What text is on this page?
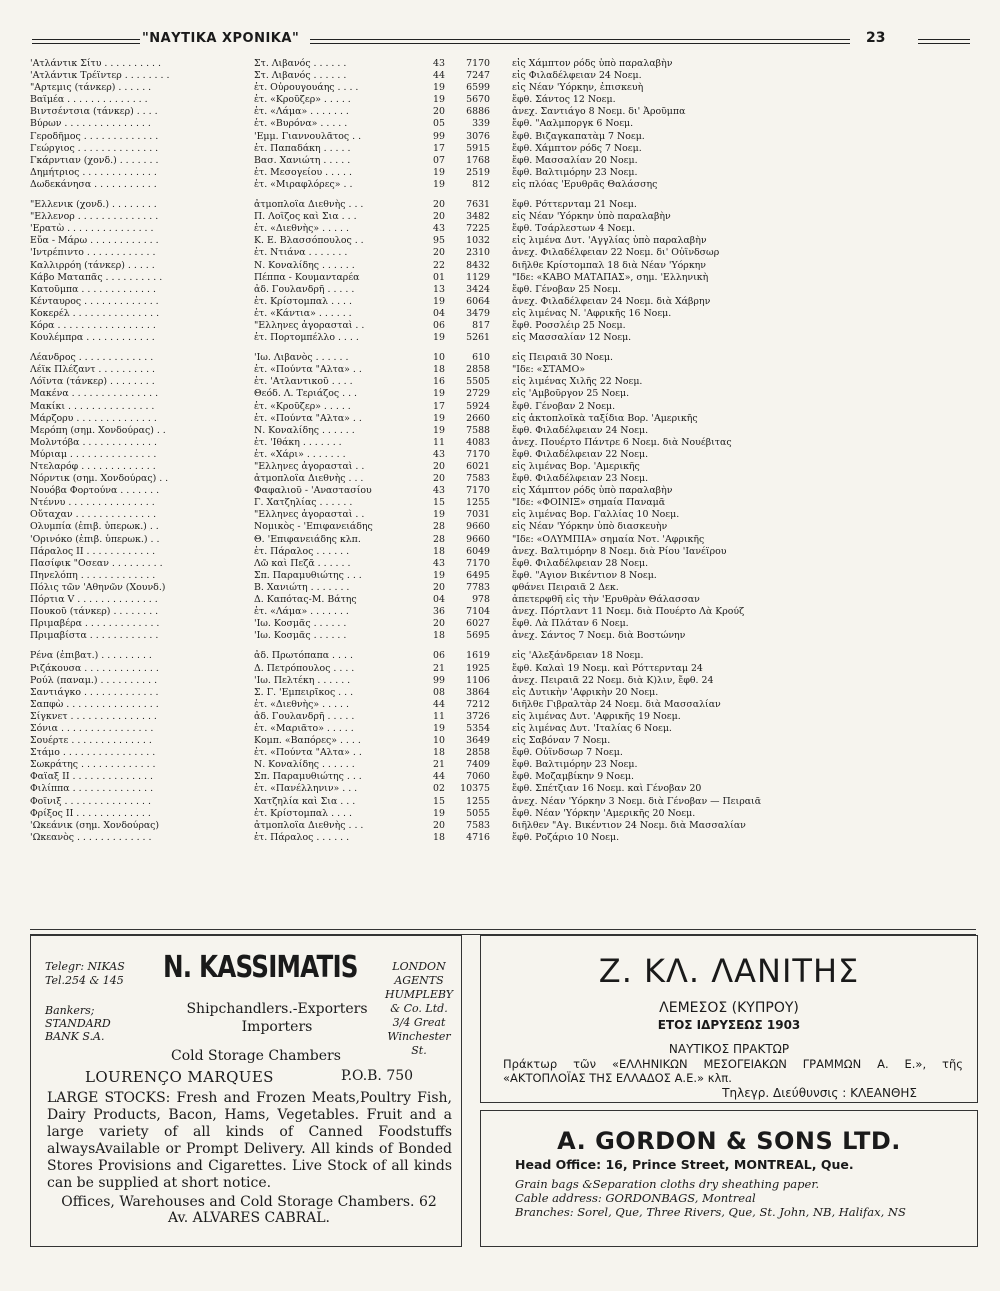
"ΝΑΥΤΙΚΑ ΧΡΟΝΙΚΑ"	23
'Ατλάντικ Σίτυ . . . . . . . . . .	Στ. Λιβανός . . . . . .	43	7170 εἰς Χάμπτον ρόδς ὑπὸ παραλαβὴν
'Ατλάντικ Τρέϊντερ . . . . . . . .	Στ. Λιβανός . . . . . .	44	7247 εἰς Φιλαδέλφειαν 24 Νοεμ.
"Αρτεμις (τάνκερ) . . . . . .	ἑτ. Οὐρουγουάης . . . .	19	6599 εἰς Νέαν 'Υόρκην, ἐπισκευὴ
Βαϊμέα . . . . . . . . . . . . . .	ἑτ. «Κροῦζερ» . . . . .	19	5670 ἔφθ. Σάντος 12 Νοεμ.
Βιντσέντσια (τάνκερ) . . . .	ἑτ. «Λάμα» . . . . . . .	20	6886 ἀνεχ. Σαντιάγο 8 Νοεμ. δι' Ἀροῦμπα
Βύρων . . . . . . . . . . . . . . .	ἑτ. «Βυρόνα» . . . . .	05	339 ἔφθ. "Ααλμποργκ 6 Νοεμ.
Γεροδῆμος . . . . . . . . . . . . .	'Εμμ. Γιαννουλᾶτος . .	99	3076 ἔφθ. Βιζαγκαπατὰμ 7 Νοεμ.
Γεώργιος . . . . . . . . . . . . . .	ἑτ. Παπαδάκη . . . . .	17	5915 ἔφθ. Χάμπτον ρόδς 7 Νοεμ.
Γκάρντιαν (χονδ.) . . . . . . .	Βασ. Χανιώτη . . . . .	07	1768 ἔφθ. Μασσαλίαν 20 Νοεμ.
Δημήτριος . . . . . . . . . . . . .	ἑτ. Μεσογείου . . . . .	19	2519 ἔφθ. Βαλτιμόρην 23 Νοεμ.
Δωδεκάνησα . . . . . . . . . . .	ἑτ. «Μιραφλόρες» . .	19	812 εἰς πλόας 'Ερυθρᾶς Θαλάσσης
"Ελλενικ (χονδ.) . . . . . . . .	ἀτμοπλοΐα Διεθνὴς . . .	20	7631 ἔφθ. Ρόττερνταμ 21 Νοεμ.
"Ελλενορ . . . . . . . . . . . . . .	Π. Λοΐζος καὶ Σια . . .	20	3482 εἰς Νέαν 'Υόρκην ὑπὸ παραλαβὴν
'Ερατὼ . . . . . . . . . . . . . . .	ἑτ. «Διεθνὴς» . . . . .	43	7225 ἔφθ. Τσάρλεστων 4 Νοεμ.
Εὔα - Μάρω . . . . . . . . . . . .	Κ. Ε. Βλασσόπουλος . .	95	1032 εἰς λιμένα Δυτ. 'Αγγλίας ὑπὸ παραλαβὴν
'Ιντρέπιντο . . . . . . . . . . . .	ἑτ. Ντιάνα . . . . . . .	20	2310 ἀνεχ. Φιλαδέλφειαν 22 Νοεμ. δι' Οὐΐνδσωρ
Καλλιρρόη (τάνκερ) . . . . .	Ν. Κοναλίδης . . . . . .	22	8432 διῆλθε Κρίστομπαλ 18 διὰ Νέαν 'Υόρκην
Κάβο Ματαπᾶς . . . . . . . . . .	Πέππα - Κουμανταρέα	01	1129 "Ιδε: «ΚΑΒΟ ΜΑΤΑΠΑΣ», σημ. 'Ελληνικὴ
Κατοῦμπα . . . . . . . . . . . . .	ἀδ. Γουλανδρῆ . . . . .	13	3424 ἔφθ. Γένοβαν 25 Νοεμ.
Κένταυρος . . . . . . . . . . . . .	ἑτ. Κρίστομπαλ . . . .	19	6064 ἀνεχ. Φιλαδέλφειαν 24 Νοεμ. διὰ Χάβρην
Κοκερέλ . . . . . . . . . . . . . . .	ἑτ. «Κάντια» . . . . . .	04	3479 εἰς λιμένας Ν. 'Αφρικῆς 16 Νοεμ.
Κόρα . . . . . . . . . . . . . . . . .	"Ελληνες ἀγορασταὶ . .	06	817 ἔφθ. Ροσσλέιρ 25 Νοεμ.
Κουλέμπρα . . . . . . . . . . . .	ἑτ. Πορτομπέλλο . . . .	19	5261 εἰς Μασσαλίαν 12 Νοεμ.
Λέανδρος . . . . . . . . . . . . .	'Ιω. Λιβανὸς . . . . . .	10	610 εἰς Πειραιᾶ 30 Νοεμ.
Λέϊκ Πλέζαντ . . . . . . . . . .	ἑτ. «Πούντα "Αλτα» . .	18	2858 "Ιδε: «ΣΤΑΜΟ»
Λόϊντα (τάνκερ) . . . . . . . .	ἑτ. 'Ατλαντικοῦ . . . .	16	5505 εἰς λιμένας Χιλῆς 22 Νοεμ.
Μακένα . . . . . . . . . . . . . . .	Θεόδ. Λ. Τεριάζος . . .	19	2729 εἰς 'Αμβοῦργον 25 Νοεμ.
Μακίκι . . . . . . . . . . . . . . .	ἑτ. «Κροῦζερ» . . . . .	17	5924 ἔφθ. Γένοβαν 2 Νοεμ.
Μάρζορυ . . . . . . . . . . . . . .	ἑτ. «Πούντα "Αλτα» . .	19	2660 εἰς ἀκτοπλοϊκὰ ταξίδια Βορ. 'Αμερικῆς
Μερόπη (σημ. Χονδούρας) . .	Ν. Κοναλίδης . . . . . .	19	7588 ἔφθ. Φιλαδέλφειαν 24 Νοεμ.
Μολντόβα . . . . . . . . . . . . .	ἑτ. 'Ιθάκη . . . . . . .	11	4083 ἀνεχ. Πουέρτο Πάντρε 6 Νοεμ. διὰ Νουέβιτας
Μύριαμ . . . . . . . . . . . . . . .	ἑτ. «Χάρι» . . . . . . .	43	7170 ἔφθ. Φιλαδέλφειαν 22 Νοεμ.
Ντελαρόφ . . . . . . . . . . . . .	"Ελληνες ἀγορασταὶ . .	20	6021 εἰς λιμένας Βορ. 'Αμερικῆς
Νόρντικ (σημ. Χονδούρας) . .	ἀτμοπλοΐα Διεθνὴς . . .	20	7583 ἔφθ. Φιλαδέλφειαν 23 Νοεμ.
Νουόβα Φορτούνα . . . . . . .	Φαφαλιοῦ - 'Αναστασίου	43	7170 εἰς Χάμπτον ρόδς ὑπὸ παραλαβὴν
Ντέννυ . . . . . . . . . . . . . . .	Γ. Χατζηλίας . . . . . .	15	1255 "Ιδε: «ΦΟΙΝΙΞ» σημαία Παναμᾶ
Οὔταχαν . . . . . . . . . . . . . .	"Ελληνες ἀγορασταὶ . .	19	7031 εἰς λιμένας Βορ. Γαλλίας 10 Νοεμ.
Ολυμπία (ἐπιβ. ὑπερωκ.) . .	Νομικὸς - 'Επιφανειάδης	28	9660 εἰς Νέαν 'Υόρκην ὑπὸ διασκευὴν
'Ορινόκο (ἐπιβ. ὑπερωκ.) . .	Θ. 'Επιφανειάδης κλπ.	28	9660 "Ιδε: «ΟΛΥΜΠΙΑ» σημαία Νοτ. 'Αφρικῆς
Πάραλος ΙΙ . . . . . . . . . . . .	ἑτ. Πάραλος . . . . . .	18	6049 ἀνεχ. Βαλτιμόρην 8 Νοεμ. διὰ Ρίου 'Ιανέϊρου
Πασίφικ "Οσεαν . . . . . . . . .	Λῶ καὶ Πεζᾶ . . . . . .	43	7170 ἔφθ. Φιλαδέλφειαν 28 Νοεμ.
Πηνελόπη . . . . . . . . . . . . .	Σπ. Παραμυθιώτης . . .	19	6495 ἔφθ. "Αγιον Βικέντιον 8 Νοεμ.
Πόλις τῶν 'Αθηνῶν (Χουνδ.)	Β. Χανιώτη . . . . . . .	20	7783 φθάνει Πειραιᾶ 2 Δεκ.
Πόρτια V . . . . . . . . . . . . . .	Δ. Καπότας-Μ. Βάτης	04	978 ἀπετερφθῆ εἰς τὴν 'Ερυθρὰν Θάλασσαν
Πουκοῦ (τάνκερ) . . . . . . . .	ἑτ. «Λάμα» . . . . . . .	36	7104 ἀνεχ. Πόρτλαντ 11 Νοεμ. διὰ Πουέρτο Λὰ Κρούζ
Πριμαβέρα . . . . . . . . . . . . .	'Ιω. Κοσμᾶς . . . . . .	20	6027 ἔφθ. Λὰ Πλάταν 6 Νοεμ.
Πριμαβίστα . . . . . . . . . . . .	'Ιω. Κοσμᾶς . . . . . .	18	5695 ἀνεχ. Σάντος 7 Νοεμ. διὰ Βοστώνην
Ρένα (ἐπιβατ.) . . . . . . . . .	ἀδ. Πρωτόπαπα . . . .	06	1619 εἰς 'Αλεξάνδρειαν 18 Νοεμ.
Ριζάκουσα . . . . . . . . . . . . .	Δ. Πετρόπουλος . . . .	21	1925 ἔφθ. Καλαὶ 19 Νοεμ. καὶ Ρόττερνταμ 24
Ρούλ (παναμ.) . . . . . . . . . .	'Ιω. Πελτέκη . . . . . .	99	1106 ἀνεχ. Πειραιᾶ 22 Νοεμ. διὰ Κ)λιν, ἔφθ. 24
Σαντιάγκο . . . . . . . . . . . . .	Σ. Γ. 'Εμπειρῖκος . . .	08	3864 εἰς Δυτικὴν 'Αφρικὴν 20 Νοεμ.
Σαπφὼ . . . . . . . . . . . . . . . .	ἑτ. «Διεθνὴς» . . . . .	44	7212 διῆλθε Γιβραλτὰρ 24 Νοεμ. διὰ Μασσαλίαν
Σίγκνετ . . . . . . . . . . . . . . .	ἀδ. Γουλανδρῆ . . . . .	11	3726 εἰς λιμένας Δυτ. 'Αφρικῆς 19 Νοεμ.
Σόνια . . . . . . . . . . . . . . . .	ἑτ. «Μαριᾶτο» . . . . .	19	5354 εἰς λιμένας Δυτ. 'Ιταλίας 6 Νοεμ.
Σουέρτε . . . . . . . . . . . . . .	Κομπ. «Βαπόρες» . . . .	10	3649 εἰς Σαβόναν 7 Νοεμ.
Στάμο . . . . . . . . . . . . . . . .	ἑτ. «Πούντα "Αλτα» . .	18	2858 ἔφθ. Οὐΐνδσωρ 7 Νοεμ.
Σωκράτης . . . . . . . . . . . . .	Ν. Κοναλίδης . . . . . .	21	7409 ἔφθ. Βαλτιμόρην 23 Νοεμ.
Φαϊαξ ΙΙ . . . . . . . . . . . . . .	Σπ. Παραμυθιώτης . . .	44	7060 ἔφθ. Μοζαμβίκην 9 Νοεμ.
Φιλίππα . . . . . . . . . . . . . .	ἑτ. «Πανέλληνιν» . . .	02	10375 ἔφθ. Σπέτζιαν 16 Νοεμ. καὶ Γένοβαν 20
Φοῖνιξ . . . . . . . . . . . . . . .	Χατζηλία καὶ Σια . . .	15	1255 ἀνεχ. Νέαν 'Υόρκην 3 Νοεμ. διὰ Γένοβαν — Πειραιᾶ
Φρίξος ΙΙ . . . . . . . . . . . . .	ἑτ. Κρίστομπαλ . . . .	19	5055 ἔφθ. Νέαν 'Υόρκην 'Αμερικῆς 20 Νοεμ.
'Ωκεάνικ (σημ. Χονδούρας)	ἀτμοπλοΐα Διεθνὴς . . .	20	7583 διῆλθεν "Αγ. Βικέντιον 24 Νοεμ. διὰ Μασσαλίαν
'Ωκεανὸς . . . . . . . . . . . . .	ἑτ. Πάραλος . . . . . .	18	4716 ἔφθ. Ροζάριο 10 Νοεμ.
Telegr: NIKAS
Tel.254 & 145 N. KASSIMATIS	LONDON
AGENTS
HUMPLEBY
& Co. Ltd.
3/4 Great
Winchester St.
Bankers;
STANDARD
BANK S.A.
Shipchandlers.-Exporters
Importers
Cold Storage Chambers
LOURENÇO MARQUES	P.O.B. 750
LARGE STOCKS: Fresh and Frozen Meats,Poultry Fish, Dairy Products, Bacon, Hams, Vegetables. Fruit and a large variety of all kinds of Canned Foodstuffs alwaysAvailable or Prompt Delivery. All kinds of Bonded Stores Provisions and Cigarettes. Live Stock of all kinds can be supplied at short notice.
Offices, Warehouses and Cold Storage Chambers. 62 Av. ALVARES CABRAL.
Ζ. ΚΛ. ΛΑΝΙΤΗΣ
ΛΕΜΕΣΟΣ (ΚΥΠΡΟΥ)
ΕΤΟΣ ΙΔΡΥΣΕΩΣ 1903
ΝΑΥΤΙΚΟΣ ΠΡΑΚΤΩΡ
Πράκτωρ τῶν «ΕΛΛΗΝΙΚΩΝ ΜΕΣΟΓΕΙΑΚΩΝ ΓΡΑΜΜΩΝ Α. Ε.», τῆς «ΑΚΤΟΠΛΟΪΑΣ ΤΗΣ ΕΛΛΑΔΟΣ Α.Ε.» κλπ.
Τηλεγρ. Διεύθυνσις : ΚΛΕΑΝΘΗΣ
A. GORDON & SONS LTD.
Head Office: 16, Prince Street, MONTREAL, Que.
Grain bags &Separation cloths dry sheathing paper.
Cable address: GORDONBAGS, Montreal
Branches: Sorel, Que, Three Rivers, Que, St. John, NB, Halifax, NS
